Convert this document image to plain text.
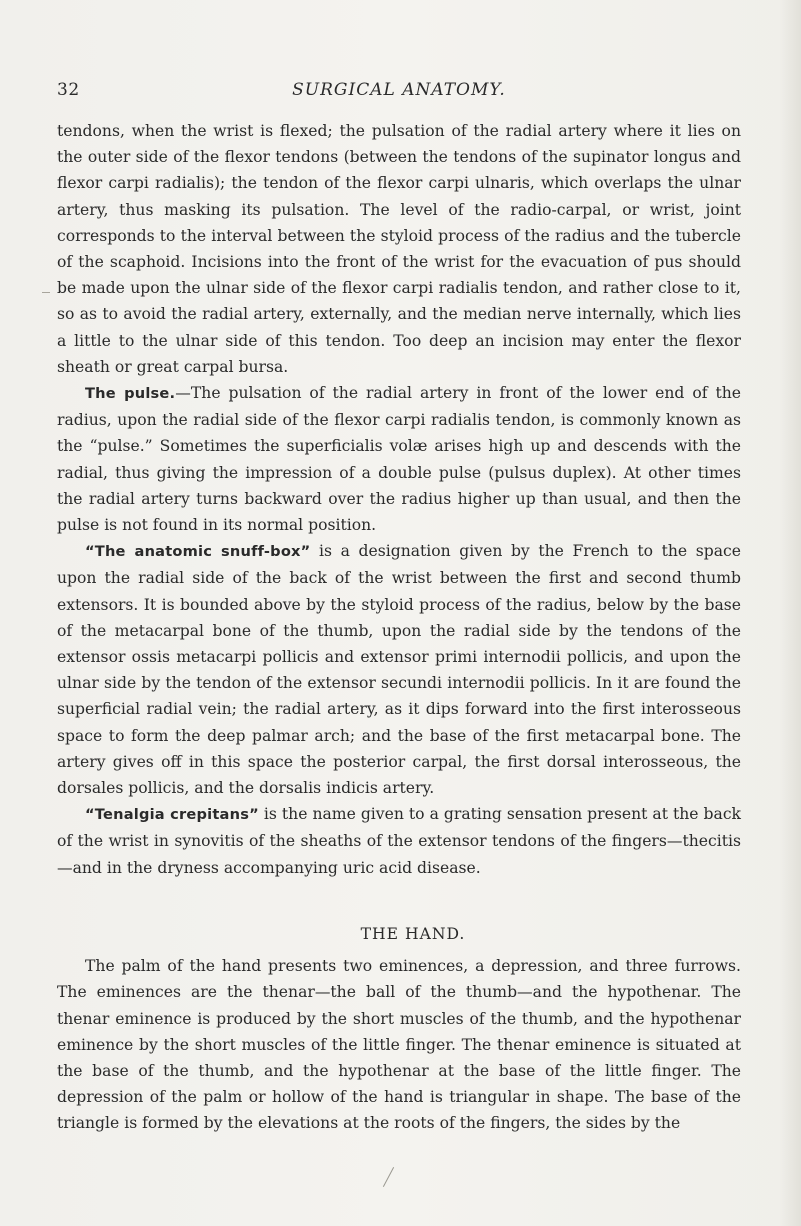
32	SURGICAL ANATOMY.

tendons, when the wrist is flexed; the pulsation of the radial artery where it lies on the outer side of the flexor tendons (between the tendons of the supinator longus and flexor carpi radialis); the tendon of the flexor carpi ulnaris, which overlaps the ulnar artery, thus masking its pulsation. The level of the radio-carpal, or wrist, joint corresponds to the interval between the styloid process of the radius and the tubercle of the scaphoid. Incisions into the front of the wrist for the evacuation of pus should be made upon the ulnar side of the flexor carpi radialis tendon, and rather close to it, so as to avoid the radial artery, externally, and the median nerve internally, which lies a little to the ulnar side of this tendon. Too deep an incision may enter the flexor sheath or great carpal bursa.

The pulse.—The pulsation of the radial artery in front of the lower end of the radius, upon the radial side of the flexor carpi radialis tendon, is commonly known as the “pulse.” Sometimes the superficialis volæ arises high up and descends with the radial, thus giving the impression of a double pulse (pulsus duplex). At other times the radial artery turns backward over the radius higher up than usual, and then the pulse is not found in its normal position.

“The anatomic snuff-box” is a designation given by the French to the space upon the radial side of the back of the wrist between the first and second thumb extensors. It is bounded above by the styloid process of the radius, below by the base of the metacarpal bone of the thumb, upon the radial side by the tendons of the extensor ossis metacarpi pollicis and extensor primi internodii pollicis, and upon the ulnar side by the tendon of the extensor secundi internodii pollicis. In it are found the superficial radial vein; the radial artery, as it dips forward into the first interosseous space to form the deep palmar arch; and the base of the first metacarpal bone. The artery gives off in this space the posterior carpal, the first dorsal interosseous, the dorsales pollicis, and the dorsalis indicis artery.

“Tenalgia crepitans” is the name given to a grating sensation present at the back of the wrist in synovitis of the sheaths of the extensor tendons of the fingers—thecitis—and in the dryness accompanying uric acid disease.

THE HAND.

The palm of the hand presents two eminences, a depression, and three furrows. The eminences are the thenar—the ball of the thumb—and the hypothenar. The thenar eminence is produced by the short muscles of the thumb, and the hypothenar eminence by the short muscles of the little finger. The thenar eminence is situated at the base of the thumb, and the hypothenar at the base of the little finger. The depression of the palm or hollow of the hand is triangular in shape. The base of the triangle is formed by the elevations at the roots of the fingers, the sides by the
